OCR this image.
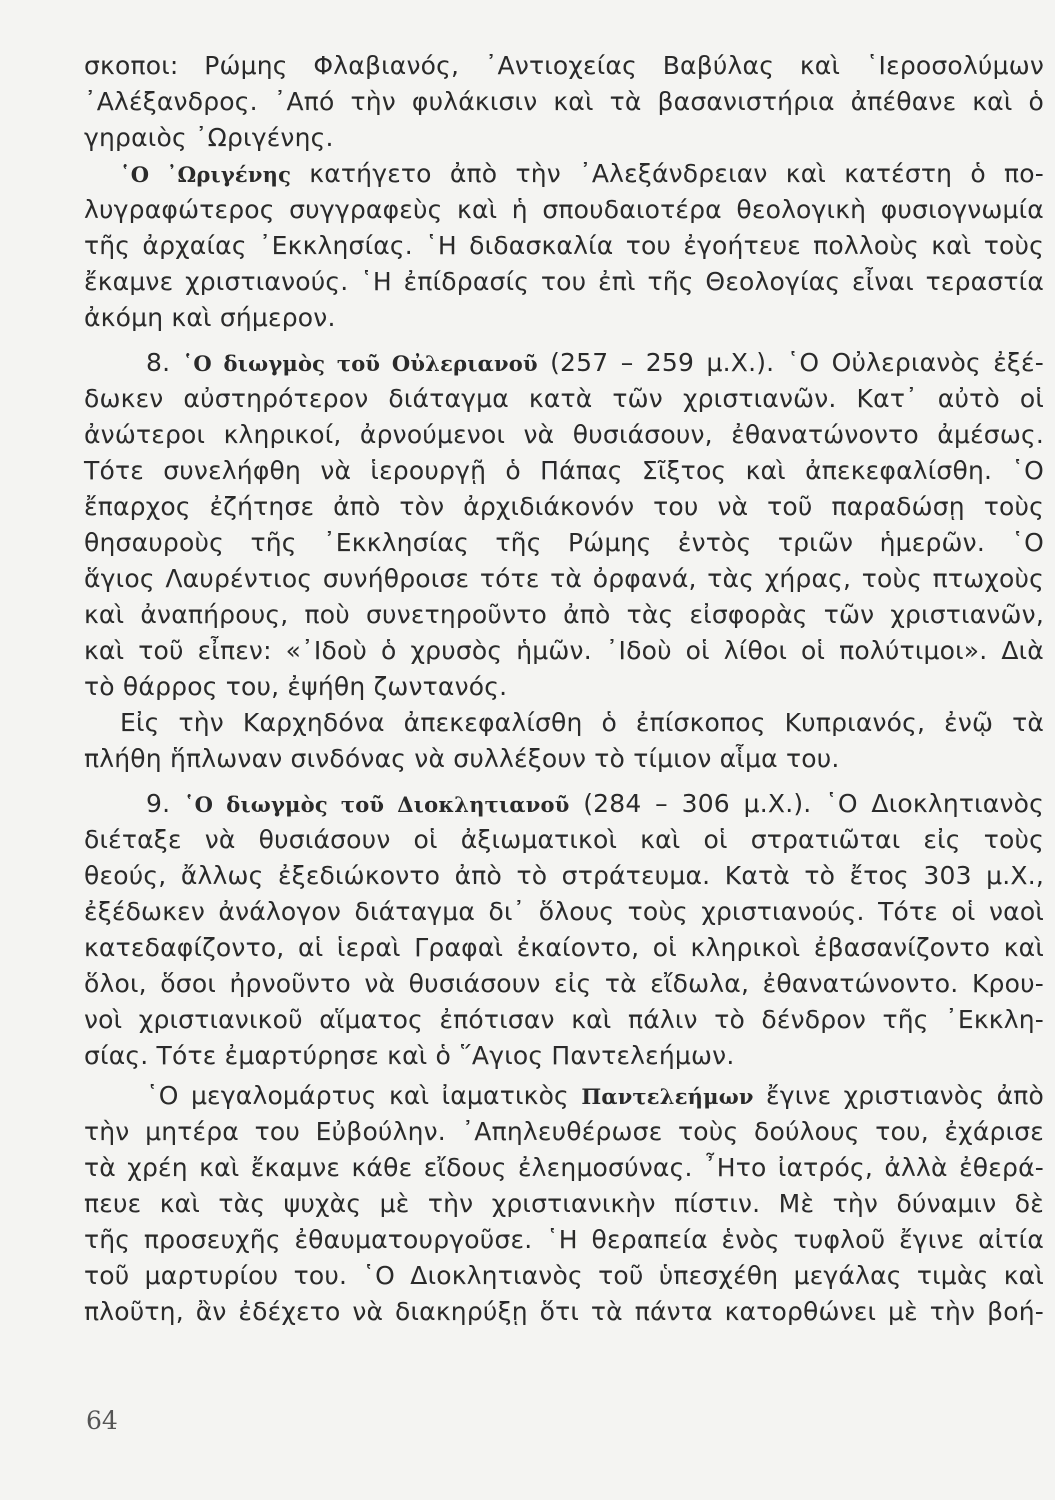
σκοποι: Ρώμης Φλαβιανός, ᾽Αντιοχείας Βαβύλας καὶ ῾Ιεροσολύμων
᾽Αλέξανδρος. ᾽Από τὴν φυλάκισιν καὶ τὰ βασανιστήρια ἀπέθανε καὶ ὁ
γηραιὸς ᾽Ωριγένης.
῾Ο ᾽Ωριγένης κατήγετο ἀπὸ τὴν ᾽Αλεξάνδρειαν καὶ κατέστη ὁ πο-
λυγραφώτερος συγγραφεὺς καὶ ἡ σπουδαιοτέρα θεολογικὴ φυσιογνωμία
τῆς ἀρχαίας ᾽Εκκλησίας. ῾Η διδασκαλία του ἐγοήτευε πολλοὺς καὶ τοὺς
ἔκαμνε χριστιανούς. ῾Η ἐπίδρασίς του ἐπὶ τῆς Θεολογίας εἶναι τεραστία
ἀκόμη καὶ σήμερον.
8. ῾Ο διωγμὸς τοῦ Οὐλεριανοῦ (257 – 259 μ.Χ.). ῾Ο Οὐλεριανὸς ἐξέ-
δωκεν αὐστηρότερον διάταγμα κατὰ τῶν χριστιανῶν. Κατ᾽ αὐτὸ οἱ
ἀνώτεροι κληρικοί, ἀρνούμενοι νὰ θυσιάσουν, ἐθανατώνοντο ἀμέσως.
Τότε συνελήφθη νὰ ἱερουργῇ ὁ Πάπας Σῖξτος καὶ ἀπεκεφαλίσθη. ῾Ο
ἔπαρχος ἐζήτησε ἀπὸ τὸν ἀρχιδιάκονόν του νὰ τοῦ παραδώσῃ τοὺς
θησαυροὺς τῆς ᾽Εκκλησίας τῆς Ρώμης ἐντὸς τριῶν ἡμερῶν. ῾Ο
ἅγιος Λαυρέντιος συνήθροισε τότε τὰ ὀρφανά, τὰς χήρας, τοὺς πτωχοὺς
καὶ ἀναπήρους, ποὺ συνετηροῦντο ἀπὸ τὰς εἰσφορὰς τῶν χριστιανῶν,
καὶ τοῦ εἶπεν: «᾽Ιδοὺ ὁ χρυσὸς ἡμῶν. ᾽Ιδοὺ οἱ λίθοι οἱ πολύτιμοι». Διὰ
τὸ θάρρος του, ἐψήθη ζωντανός.
Εἰς τὴν Καρχηδόνα ἀπεκεφαλίσθη ὁ ἐπίσκοπος Κυπριανός, ἐνῷ τὰ
πλήθη ἥπλωναν σινδόνας νὰ συλλέξουν τὸ τίμιον αἷμα του.
9. ῾Ο διωγμὸς τοῦ Διοκλητιανοῦ (284 – 306 μ.Χ.). ῾Ο Διοκλητιανὸς
διέταξε νὰ θυσιάσουν οἱ ἀξιωματικοὶ καὶ οἱ στρατιῶται εἰς τοὺς
θεούς, ἄλλως ἐξεδιώκοντο ἀπὸ τὸ στράτευμα. Κατὰ τὸ ἔτος 303 μ.Χ.,
ἐξέδωκεν ἀνάλογον διάταγμα δι᾽ ὅλους τοὺς χριστιανούς. Τότε οἱ ναοὶ
κατεδαφίζοντο, αἱ ἱεραὶ Γραφαὶ ἐκαίοντο, οἱ κληρικοὶ ἐβασανίζοντο καὶ
ὅλοι, ὅσοι ἠρνοῦντο νὰ θυσιάσουν εἰς τὰ εἴδωλα, ἐθανατώνοντο. Κρου-
νοὶ χριστιανικοῦ αἵματος ἐπότισαν καὶ πάλιν τὸ δένδρον τῆς ᾽Εκκλη-
σίας. Τότε ἐμαρτύρησε καὶ ὁ ῞Αγιος Παντελεήμων.
῾Ο μεγαλομάρτυς καὶ ἰαματικὸς Παντελεήμων ἔγινε χριστιανὸς ἀπὸ
τὴν μητέρα του Εὐβούλην. ᾽Απηλευθέρωσε τοὺς δούλους του, ἐχάρισε
τὰ χρέη καὶ ἔκαμνε κάθε εἴδους ἐλεημοσύνας. ῏Ητο ἰατρός, ἀλλὰ ἐθερά-
πευε καὶ τὰς ψυχὰς μὲ τὴν χριστιανικὴν πίστιν. Μὲ τὴν δύναμιν δὲ
τῆς προσευχῆς ἐθαυματουργοῦσε. ῾Η θεραπεία ἑνὸς τυφλοῦ ἔγινε αἰτία
τοῦ μαρτυρίου του. ῾Ο Διοκλητιανὸς τοῦ ὑπεσχέθη μεγάλας τιμὰς καὶ
πλοῦτη, ἂν ἐδέχετο νὰ διακηρύξῃ ὅτι τὰ πάντα κατορθώνει μὲ τὴν βοή-
64
